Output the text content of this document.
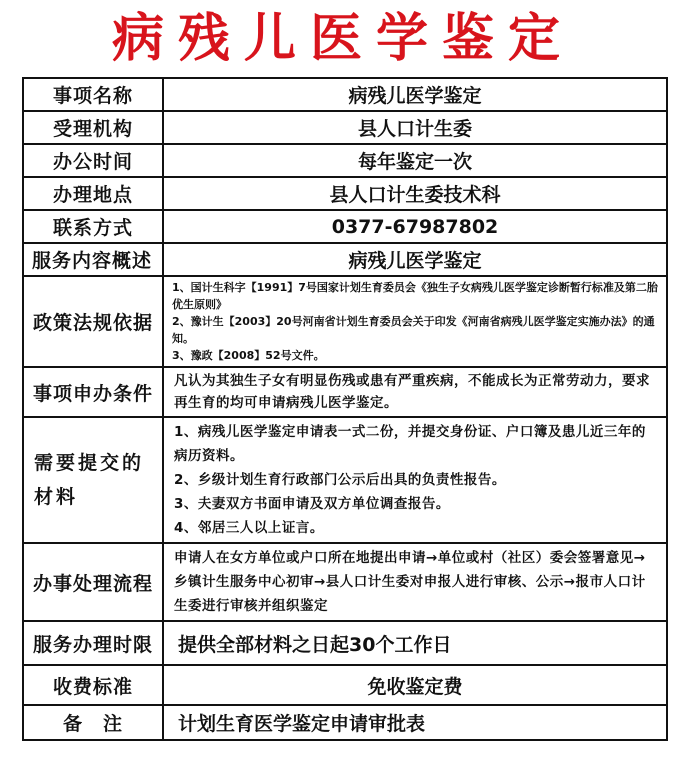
病残儿医学鉴定
事项名称	病残儿医学鉴定
受理机构	县人口计生委
办公时间	每年鉴定一次
办理地点	县人口计生委技术科
联系方式	0377-67987802
服务内容概述	病残儿医学鉴定
政策法规依据	1、国计生科字【1991】7号国家计划生育委员会《独生子女病残儿医学鉴定诊断暂行标准及第二胎优生原则》
2、豫计生【2003】20号河南省计划生育委员会关于印发《河南省病残儿医学鉴定实施办法》的通知。
3、豫政【2008】52号文件。

事项申办条件	凡认为其独生子女有明显伤残或患有严重疾病，不能成长为正常劳动力，要求再生育的均可申请病残儿医学鉴定。
需要提交的材料	1、病残儿医学鉴定申请表一式二份，并提交身份证、户口簿及患儿近三年的病历资料。
2、乡级计划生育行政部门公示后出具的负责性报告。
3、夫妻双方书面申请及双方单位调查报告。
4、邻居三人以上证言。

办事处理流程	申请人在女方单位或户口所在地提出申请→单位或村（社区）委会签署意见→乡镇计生服务中心初审→县人口计生委对申报人进行审核、公示→报市人口计生委进行审核并组织鉴定
服务办理时限	提供全部材料之日起30个工作日
收费标准	免收鉴定费
备　注	计划生育医学鉴定申请审批表
